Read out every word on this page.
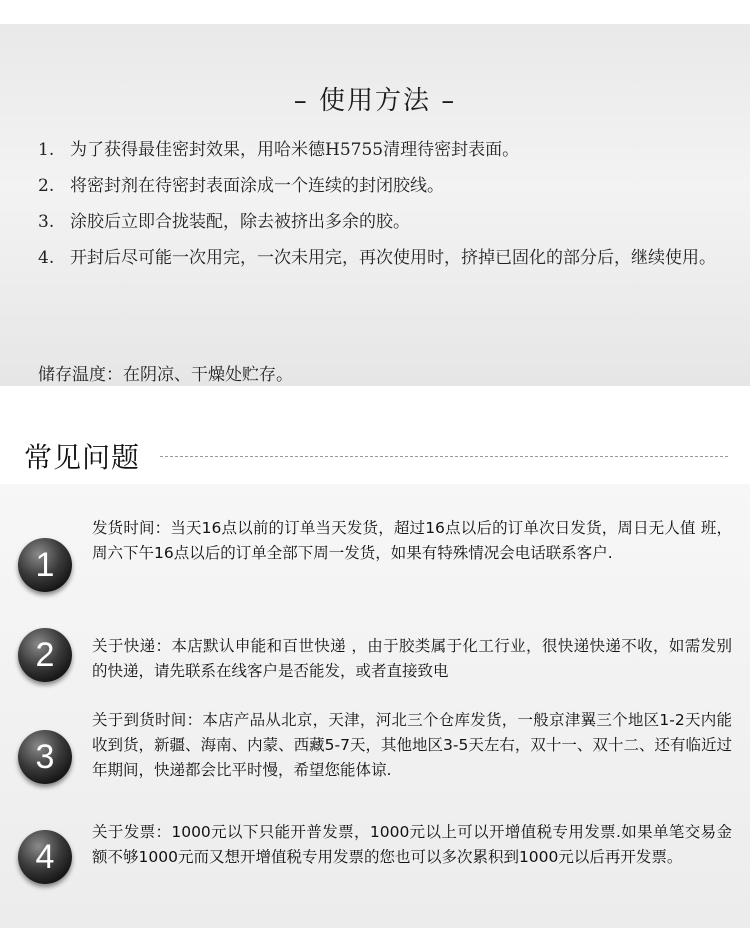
– 使用方法 –
1. 为了获得最佳密封效果，用哈米德H5755清理待密封表面。
2. 将密封剂在待密封表面涂成一个连续的封闭胶线。
3. 涂胶后立即合拢装配，除去被挤出多余的胶。
4. 开封后尽可能一次用完，一次未用完，再次使用时，挤掉已固化的部分后，继续使用。
储存温度：在阴凉、干燥处贮存。
常见问题
1
发货时间：当天16点以前的订单当天发货，超过16点以后的订单次日发货，周日无人值 班，周六下午16点以后的订单全部下周一发货，如果有特殊情况会电话联系客户.
2	关于快递：本店默认申能和百世快递 ，由于胶类属于化工行业，很快递快递不收，如需发别的快递，请先联系在线客户是否能发，或者直接致电
3
关于到货时间：本店产品从北京，天津，河北三个仓库发货，一般京津翼三个地区1-2天内能收到货，新疆、海南、内蒙、西藏5-7天，其他地区3-5天左右，双十一、双十二、还有临近过年期间，快递都会比平时慢，希望您能体谅.
4
关于发票：1000元以下只能开普发票，1000元以上可以开增值税专用发票.如果单笔交易金额不够1000元而又想开增值税专用发票的您也可以多次累积到1000元以后再开发票。
